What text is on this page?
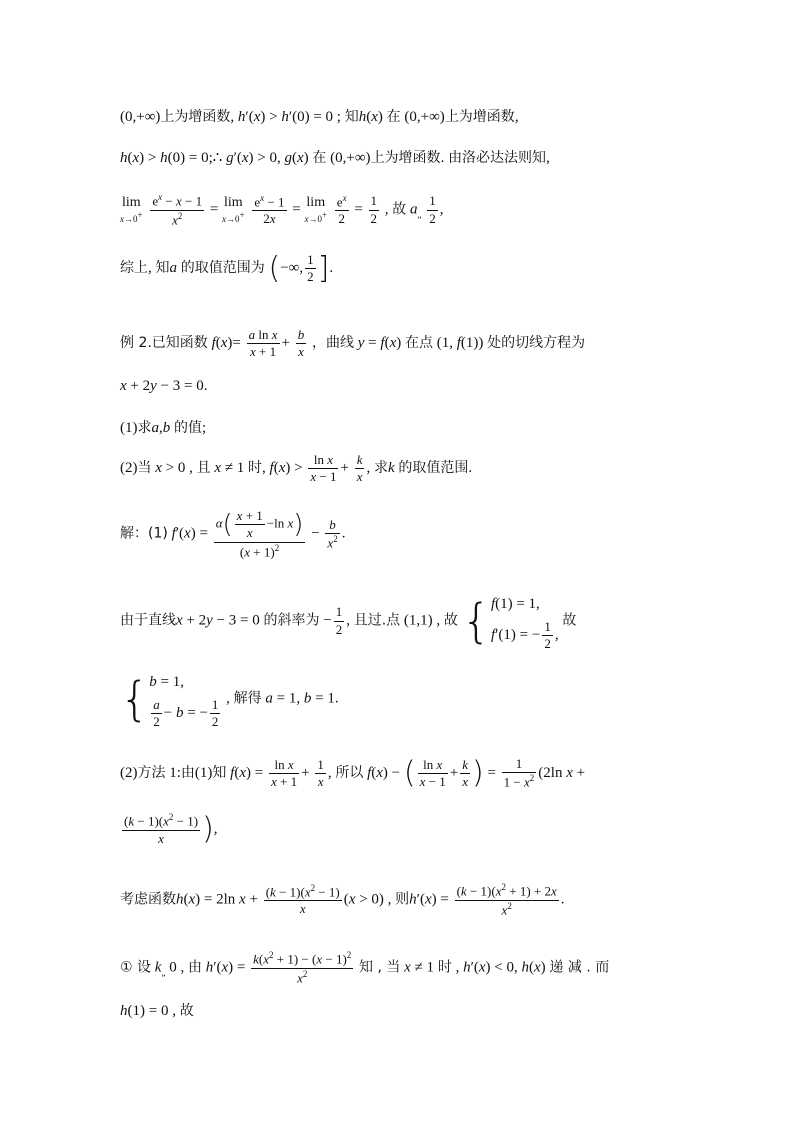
(0,+∞)上为增函数, h′(x) > h′(0) = 0 ; 知h(x) 在 (0,+∞)上为增函数,
h(x) > h(0) = 0;∴ g′(x) > 0, g(x) 在 (0,+∞)上为增函数. 由洛必达法则知,
lim
x→0+
$\frac{e^x - x - 1}{x^2} = \lim$
x→0+
$\frac{e^x - 1}{2x} = \lim$
x→0+
$\frac{e^x}{2} = \frac{1}{2}$ , 故 $a_„ \frac{1}{2}$ ,
综上, 知a 的取值范围为 (−∞, $\frac{1}{2}$ ].
例 2.已知函数 $f(x)= \frac{\text{a ln x}}{x + 1} + \frac{b}{x}$ ，曲线 y = f(x) 在点 (1, f(1)) 处的切线方程为
x + 2y − 3 = 0.
(1)求a,b 的值;
(2)当 x > 0 , 且 x ≠ 1 时, $f(x) > \frac{\text{ln x}}{x - 1} + \frac{k}{x}$ , 求k 的取值范围.
解：(1) $f'(x) = \frac{\alpha( \frac{x + 1}{x} -\ln x)}{(x + 1)^2} - \frac{b}{x^2}$ .
由于直线x + 2y − 3 = 0 的斜率为 − $\frac{1}{2}$ , 且过.点 (1,1) , 故 { f(1) = 1,
f′(1) = − $\frac{1}{2}$ ,
故
{ b = 1,
$\frac{a}{2} - b$ = − $\frac{1}{2}$ , 解得 a = 1, b = 1.
(2)方法 1:由(1)知 $f(x) = \frac{\text{ln x}}{x + 1} + \frac{1}{x}$ , 所以 f(x) − ( $\frac{\text{ln x}}{x - 1} + \frac{k}{x}$ ) = $\frac{1}{1 - x^2} (2\ln$ x +
$\frac{(k - 1)(x^2 - 1)}{x}$ ),
考虑函数h(x) = 2ln $x + \frac{(k - 1)(x^2 - 1)}{x} (x > 0)$ , 则$h'(x) = \frac{(k - 1)(x^2 + 1) + 2x}{x^2}$ .
① 设 $k_„$ 0 , 由 $h'(x) = \frac{k(x^2 + 1) - (x - 1)^2}{x^2}$ 知 , 当 x ≠ 1 时 , h′(x) < 0, h(x) 递 减 . 而
h(1) = 0 , 故
